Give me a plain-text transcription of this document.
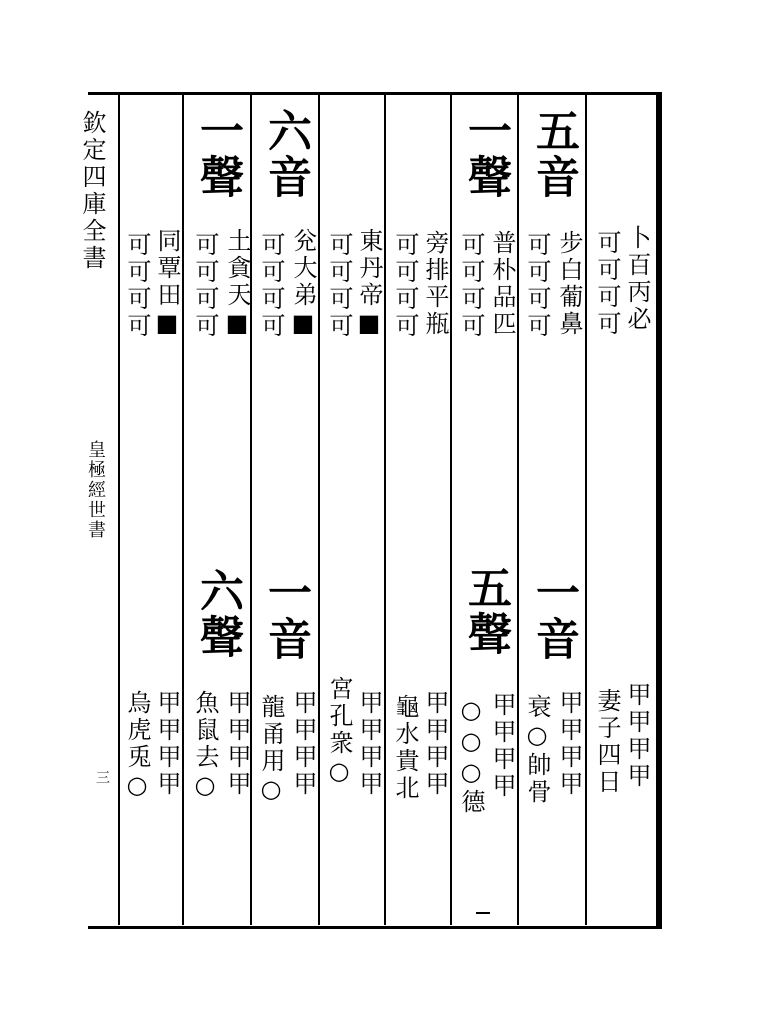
欽定四庫全書
皇極經世書
三
卜百丙必
可可可可
甲甲甲甲
妻子四日
五音
步白葡鼻
可可可可
一音
甲甲甲甲
衰○帥骨
一聲
普朴品匹
可可可可
五聲
甲甲甲甲
○○○德
旁排平瓶
可可可可
甲甲甲甲
龜水貴北
東丹帝■
可可可可
甲甲甲甲
宮孔衆○
六音
兊大弟■
可可可可
一音
甲甲甲甲
龍甬用○
一聲
土貪天■
可可可可
六聲
甲甲甲甲
魚鼠去○
同覃田■
可可可可
甲甲甲甲
烏虎兎○
